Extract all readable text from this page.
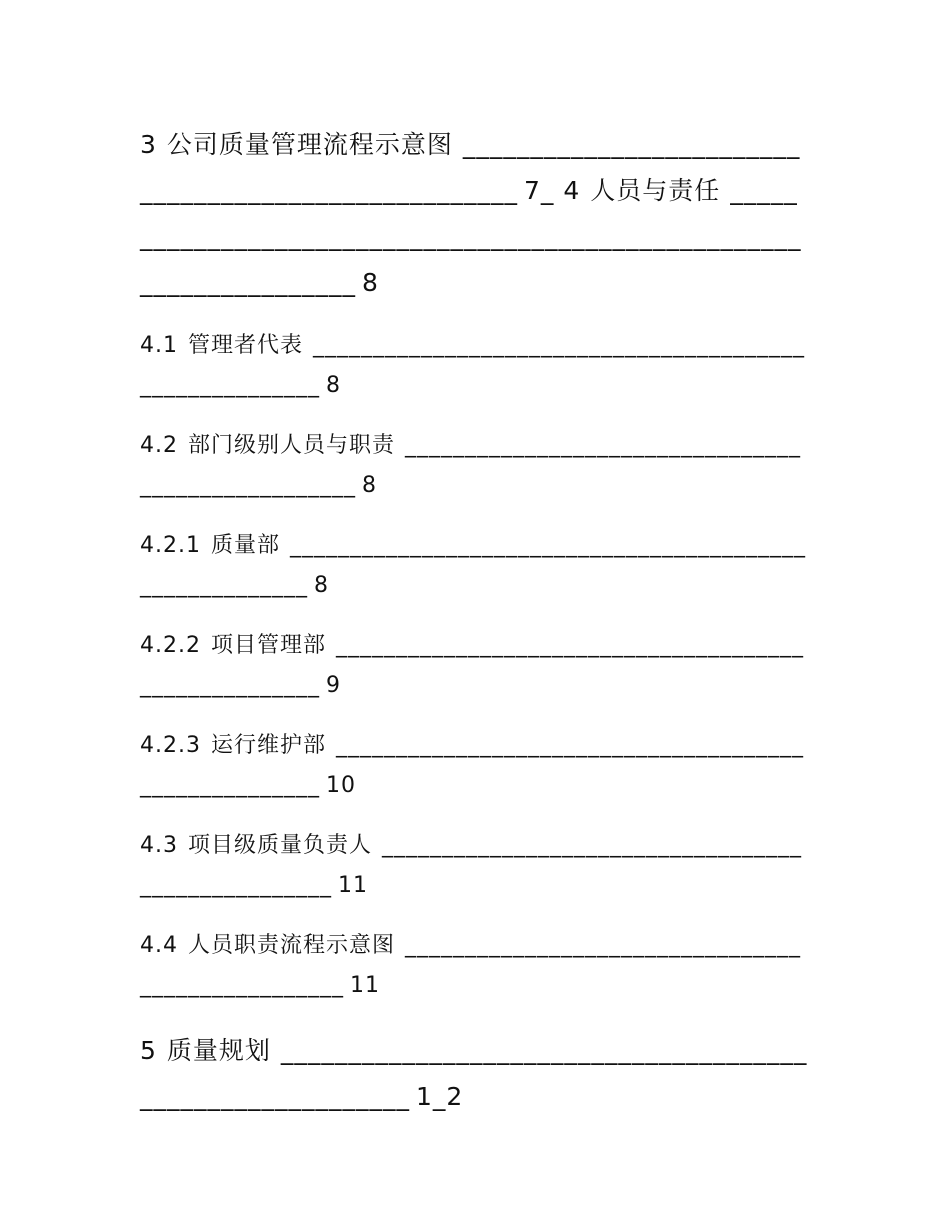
3 公司质量管理流程示意图 _____________________________________________________ 7_ 4 人员与责任 ______________________________________________________________________ 8
4.1 管理者代表 ________________________________________________________ 8
4.2 部门级别人员与职责 ___________________________________________________ 8
4.2.1 质量部 _________________________________________________________ 8
4.2.2 项目管理部 ______________________________________________________ 9
4.2.3 运行维护部 ______________________________________________________ 10
4.3 项目级质量负责人 ___________________________________________________ 11
4.4 人员职责流程示意图 __________________________________________________ 11
5 质量规划 ___________________________________________________________ 1_2
